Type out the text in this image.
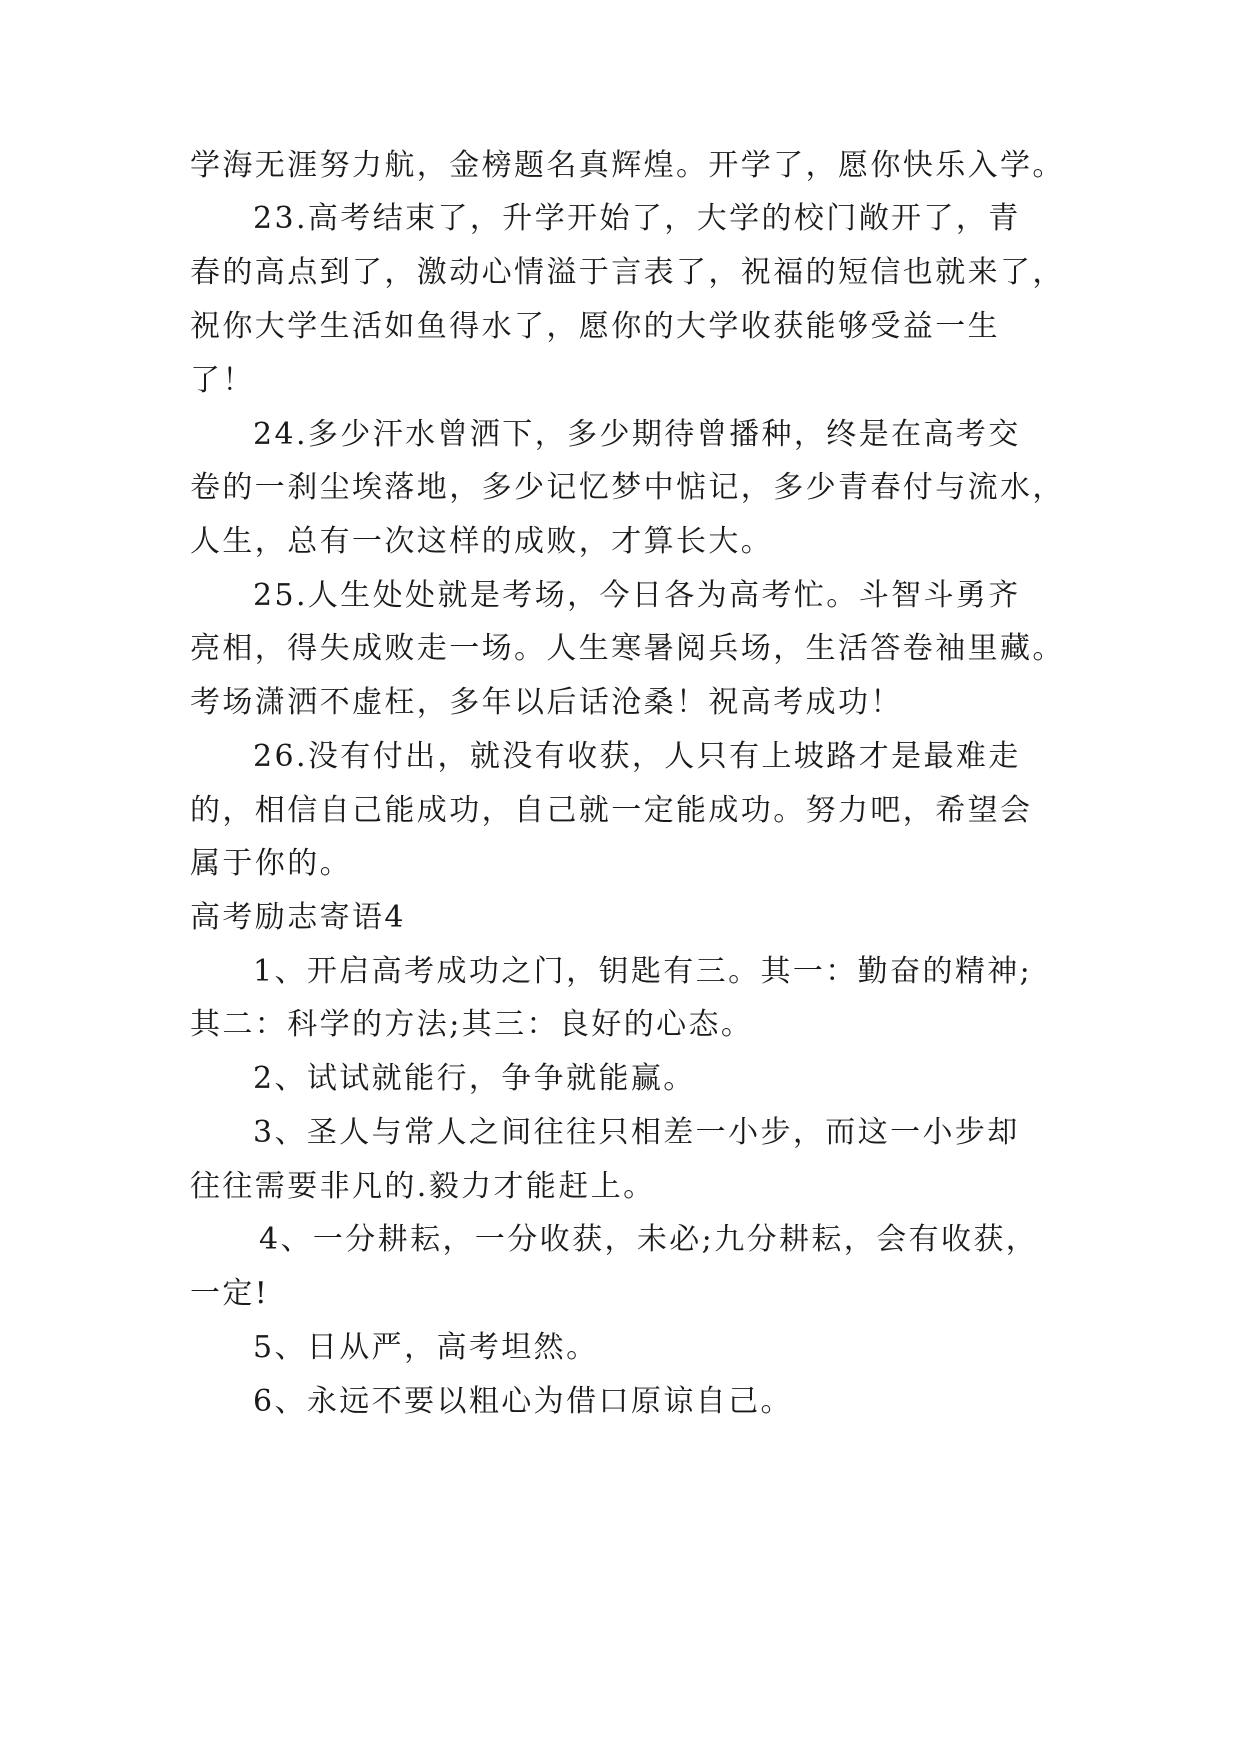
学海无涯努力航，金榜题名真辉煌。开学了，愿你快乐入学。
23.高考结束了，升学开始了，大学的校门敞开了，青
春的高点到了，激动心情溢于言表了，祝福的短信也就来了，
祝你大学生活如鱼得水了，愿你的大学收获能够受益一生
了！
24.多少汗水曾洒下，多少期待曾播种，终是在高考交
卷的一刹尘埃落地，多少记忆梦中惦记，多少青春付与流水，
人生，总有一次这样的成败，才算长大。
25.人生处处就是考场，今日各为高考忙。斗智斗勇齐
亮相，得失成败走一场。人生寒暑阅兵场，生活答卷袖里藏。
考场潇洒不虚枉，多年以后话沧桑！祝高考成功！
26.没有付出，就没有收获，人只有上坡路才是最难走
的，相信自己能成功，自己就一定能成功。努力吧，希望会
属于你的。
高考励志寄语4
1、开启高考成功之门，钥匙有三。其一：勤奋的精神;
其二：科学的方法;其三：良好的心态。
2、试试就能行，争争就能赢。
3、圣人与常人之间往往只相差一小步，而这一小步却
往往需要非凡的.毅力才能赶上。
4、一分耕耘，一分收获，未必;九分耕耘，会有收获，
一定!
5、日从严，高考坦然。
6、永远不要以粗心为借口原谅自己。
